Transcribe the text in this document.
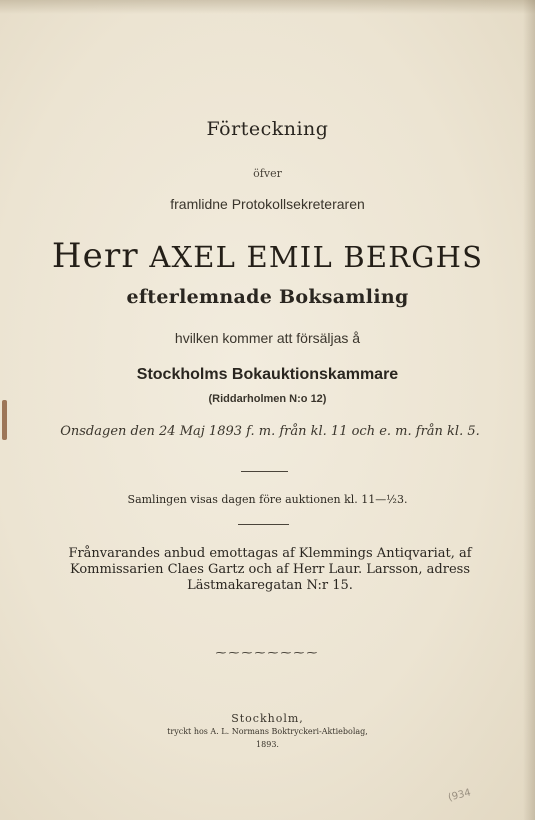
Förteckning
öfver
framlidne Protokollsekreteraren
Herr AXEL EMIL BERGHS
efterlemnade Boksamling
hvilken kommer att försäljas å
Stockholms Bokauktionskammare
(Riddarholmen N:o 12)
Onsdagen den 24 Maj 1893 f. m. från kl. 11 och e. m. från kl. 5.
Samlingen visas dagen före auktionen kl. 11—½3.
Frånvarandes anbud emottagas af Klemmings Antiqvariat, af Kommissarien Claes Gartz och af Herr Laur. Larsson, adress Lästmakaregatan N:r 15.
⁓⁓⁓⁓⁓⁓⁓⁓
Stockholm,
tryckt hos A. L. Normans Boktryckeri-Aktiebolag,
1893.
(934
